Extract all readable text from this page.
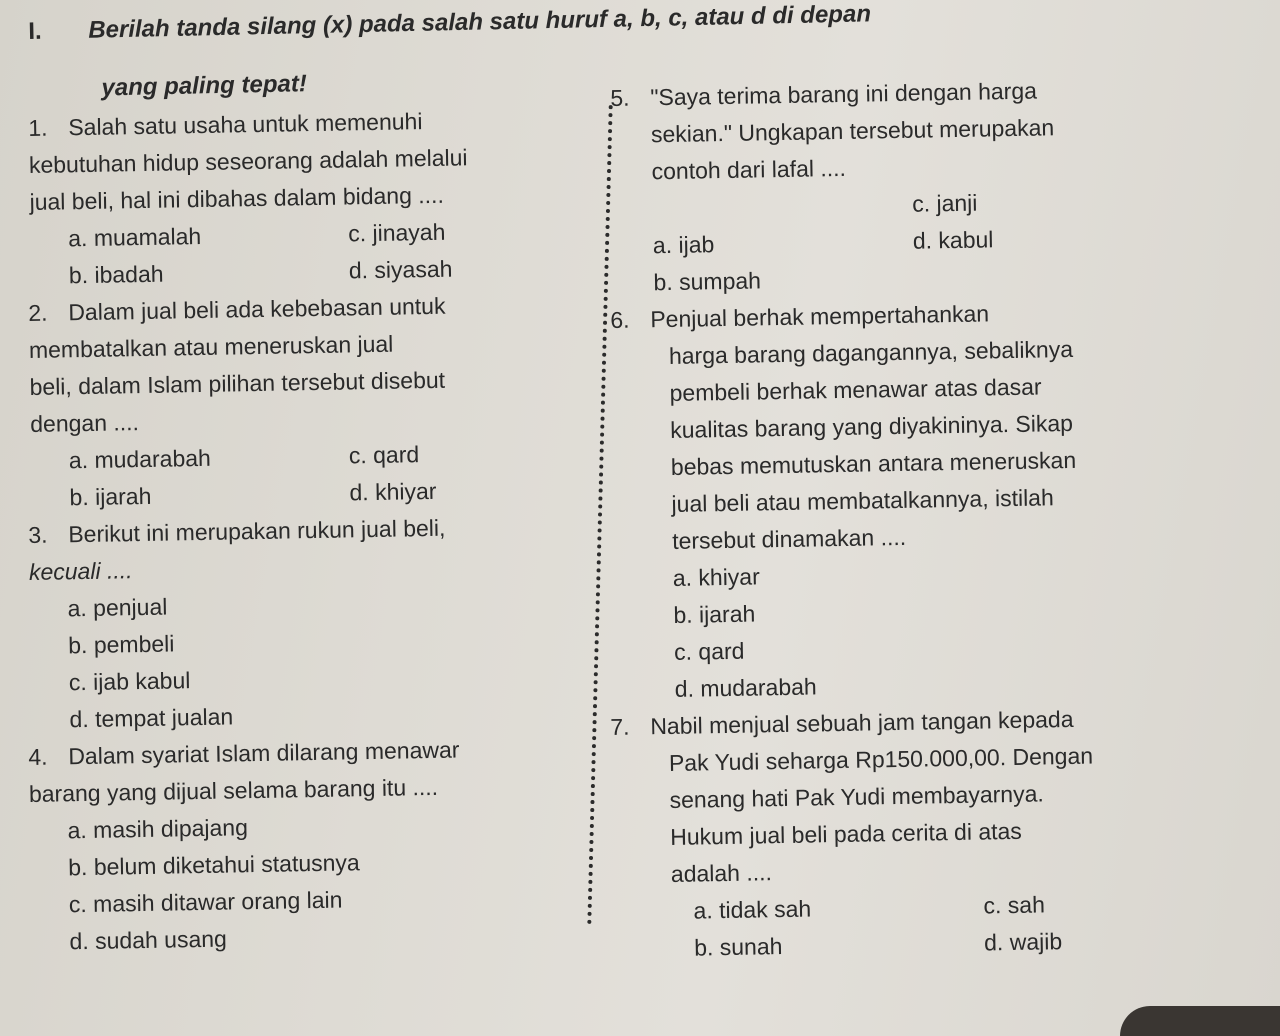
I. Berilah tanda silang (x) pada salah satu huruf a, b, c, atau d di depan
yang paling tepat!
1. Salah satu usaha untuk memenuhi
kebutuhan hidup seseorang adalah melalui
jual beli, hal ini dibahas dalam bidang ....
a. muamalah	c. jinayah
b. ibadah	d. siyasah
2. Dalam jual beli ada kebebasan untuk
membatalkan atau meneruskan jual
beli, dalam Islam pilihan tersebut disebut
dengan ....
a. mudarabah	c. qard
b. ijarah	d. khiyar
3. Berikut ini merupakan rukun jual beli,
kecuali ....
a. penjual
b. pembeli
c. ijab kabul
d. tempat jualan
4. Dalam syariat Islam dilarang menawar
barang yang dijual selama barang itu ....
a. masih dipajang
b. belum diketahui statusnya
c. masih ditawar orang lain
d. sudah usang
5. "Saya terima barang ini dengan harga
sekian." Ungkapan tersebut merupakan
contoh dari lafal ....
c. janji
a. ijab	d. kabul
b. sumpah
6. Penjual berhak mempertahankan
harga barang dagangannya, sebaliknya
pembeli berhak menawar atas dasar
kualitas barang yang diyakininya. Sikap
bebas memutuskan antara meneruskan
jual beli atau membatalkannya, istilah
tersebut dinamakan ....
a. khiyar
b. ijarah
c. qard
d. mudarabah
7. Nabil menjual sebuah jam tangan kepada
Pak Yudi seharga Rp150.000,00. Dengan
senang hati Pak Yudi membayarnya.
Hukum jual beli pada cerita di atas
adalah ....
a. tidak sah	c. sah
b. sunah	d. wajib
